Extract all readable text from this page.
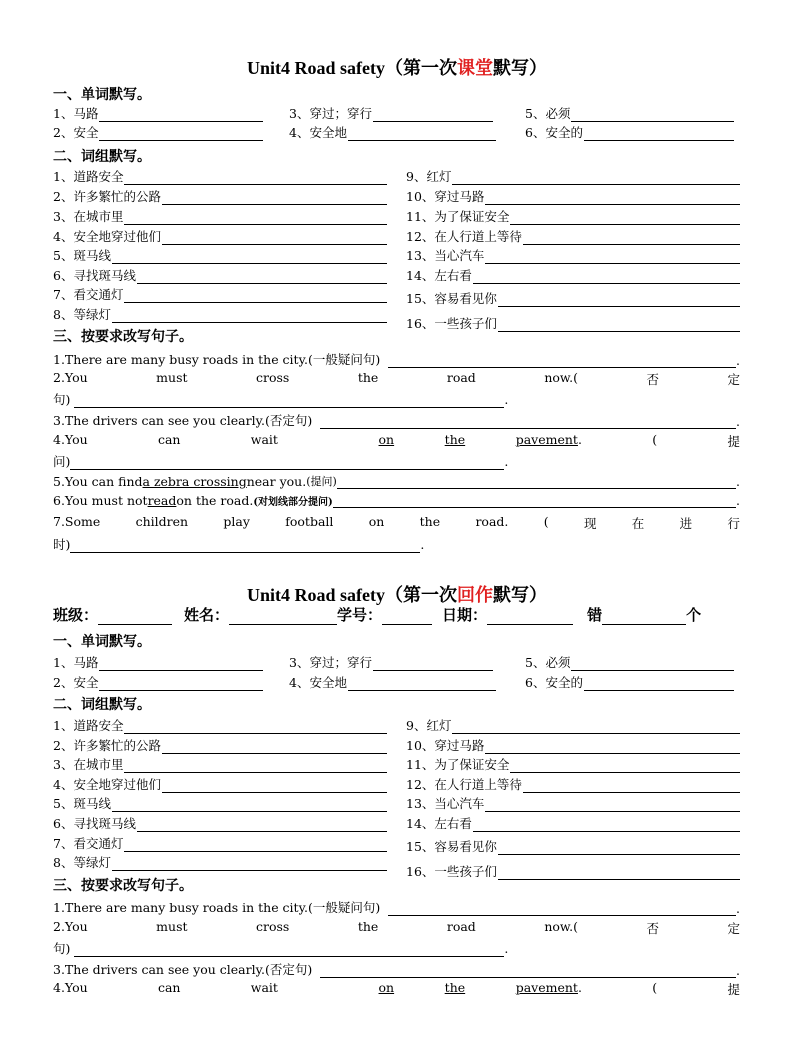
Unit4 Road safety（第一次课堂默写）
一、单词默写。
1、马路	3、穿过；穿行	5、必须
2、安全	4、安全地	6、安全的
二、词组默写。
1、道路安全
2、许多繁忙的公路
3、在城市里
4、安全地穿过他们
5、斑马线
6、寻找斑马线
7、看交通灯
8、等绿灯
9、红灯
10、穿过马路
11、为了保证安全
12、在人行道上等待
13、当心汽车
14、左右看
15、容易看见你
16、一些孩子们
三、按要求改写句子。
1.There are many busy roads in the city.(一般疑问句)	.
2.You	must	cross	the	road	now.(	否	定
句)	.
3.The drivers can see you clearly.(否定句)	.
4.You	can	wait	on	the	pavement .	(	提
问)	.
5.You can find a zebra crossing near you. (提问)	.
6.You must not read on the road. (对划线部分提问)	.
7.Some	children	play	football	on	the	road.	(	现	在	进	行
时)	.
Unit4 Road safety（第一次回作默写）
班级：	姓名：	学号：	日期：	错	个
一、单词默写。
1、马路	3、穿过；穿行	5、必须
2、安全	4、安全地	6、安全的
二、词组默写。
1、道路安全
2、许多繁忙的公路
3、在城市里
4、安全地穿过他们
5、斑马线
6、寻找斑马线
7、看交通灯
8、等绿灯
9、红灯
10、穿过马路
11、为了保证安全
12、在人行道上等待
13、当心汽车
14、左右看
15、容易看见你
16、一些孩子们
三、按要求改写句子。
1.There are many busy roads in the city.(一般疑问句)	.
2.You	must	cross	the	road	now.(	否	定
句)	.
3.The drivers can see you clearly.(否定句)	.
4.You	can	wait	on	the	pavement .	(	提
